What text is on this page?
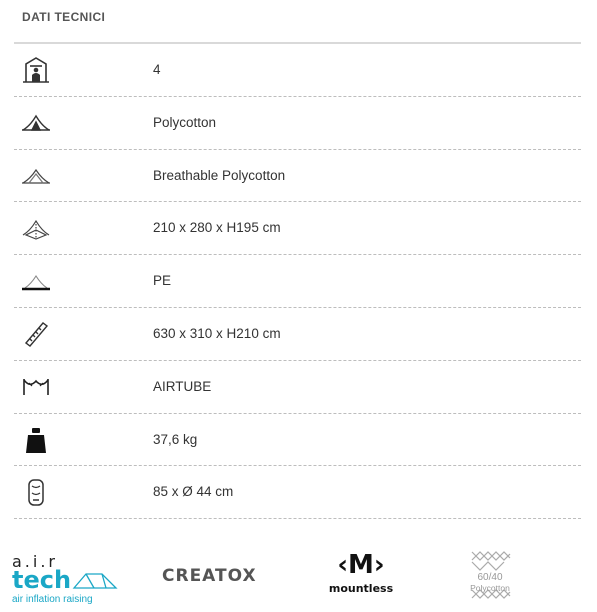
DATI TECNICI
4
Polycotton
Breathable Polycotton
210 x 280 x H195 cm
PE
630 x 310 x H210 cm
AIRTUBE
37,6 kg
85 x Ø 44 cm
a.i.r
tech
air inflation raising
CREATOX	‹M›
mountless
60/40
Polycotton
